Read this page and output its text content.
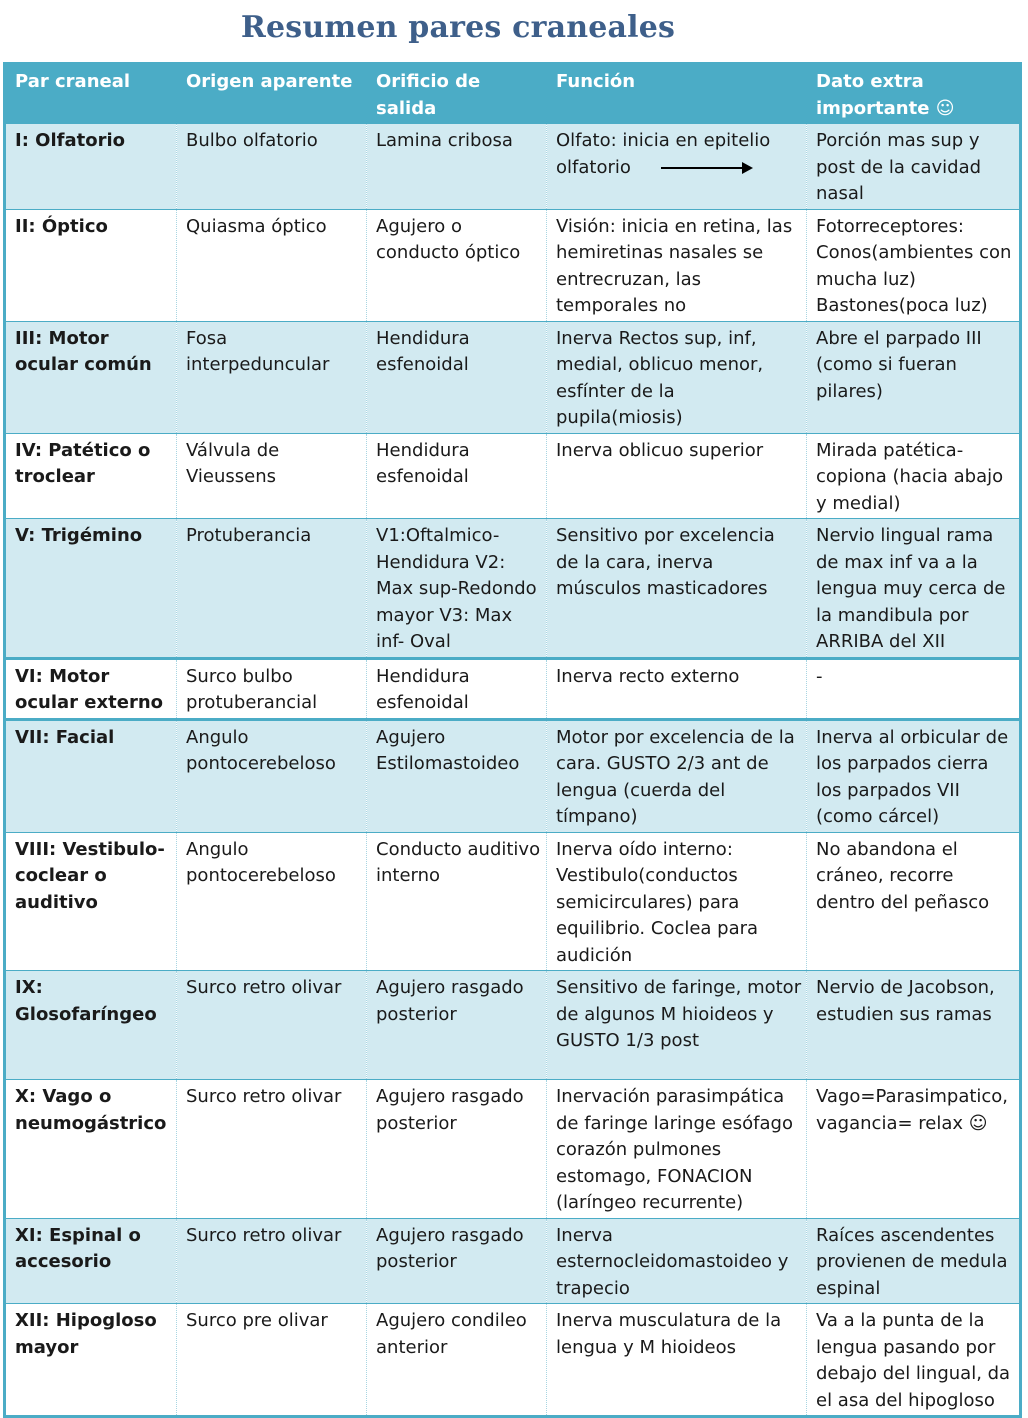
Resumen pares craneales
Par craneal	Origen aparente	Orificio de salida	Función	Dato extra importante ☺
I: Olfatorio	Bulbo olfatorio	Lamina cribosa	Olfato: inicia en epitelio olfatorio	Porción mas sup y post de la cavidad nasal
II: Óptico	Quiasma óptico	Agujero o conducto óptico	Visión: inicia en retina, las hemiretinas nasales se entrecruzan, las temporales no	Fotorreceptores: Conos(ambientes con mucha luz) Bastones(poca luz)
III: Motor ocular común	Fosa interpeduncular	Hendidura esfenoidal	Inerva Rectos sup, inf, medial, oblicuo menor, esfínter de la pupila(miosis)	Abre el parpado III (como si fueran pilares)
IV: Patético o troclear	Válvula de Vieussens	Hendidura esfenoidal	Inerva oblicuo superior	Mirada patética-copiona (hacia abajo y medial)
V: Trigémino	Protuberancia	V1:Oftalmico-Hendidura V2: Max sup-Redondo mayor V3: Max inf- Oval	Sensitivo por excelencia de la cara, inerva músculos masticadores	Nervio lingual rama de max inf va a la lengua muy cerca de la mandibula por ARRIBA del XII
VI: Motor ocular externo	Surco bulbo protuberancial	Hendidura esfenoidal	Inerva recto externo	-
VII: Facial	Angulo pontocerebeloso	Agujero Estilomastoideo	Motor por excelencia de la cara. GUSTO 2/3 ant de lengua (cuerda del tímpano)	Inerva al orbicular de los parpados cierra los parpados VII (como cárcel)
VIII: Vestibulo-coclear o auditivo	Angulo pontocerebeloso	Conducto auditivo interno	Inerva oído interno: Vestibulo(conductos semicirculares) para equilibrio. Coclea para audición	No abandona el cráneo, recorre dentro del peñasco
IX: Glosofaríngeo	Surco retro olivar	Agujero rasgado posterior	Sensitivo de faringe, motor de algunos M hioideos y GUSTO 1/3 post	Nervio de Jacobson, estudien sus ramas
X: Vago o neumogástrico	Surco retro olivar	Agujero rasgado posterior	Inervación parasimpática de faringe laringe esófago corazón pulmones estomago, FONACION (laríngeo recurrente)	Vago=Parasimpatico, vagancia= relax ☺
XI: Espinal o accesorio	Surco retro olivar	Agujero rasgado posterior	Inerva esternocleidomastoideo y trapecio	Raíces ascendentes provienen de medula espinal
XII: Hipogloso mayor	Surco pre olivar	Agujero condileo anterior	Inerva musculatura de la lengua y M hioideos	Va a la punta de la lengua pasando por debajo del lingual, da el asa del hipogloso
